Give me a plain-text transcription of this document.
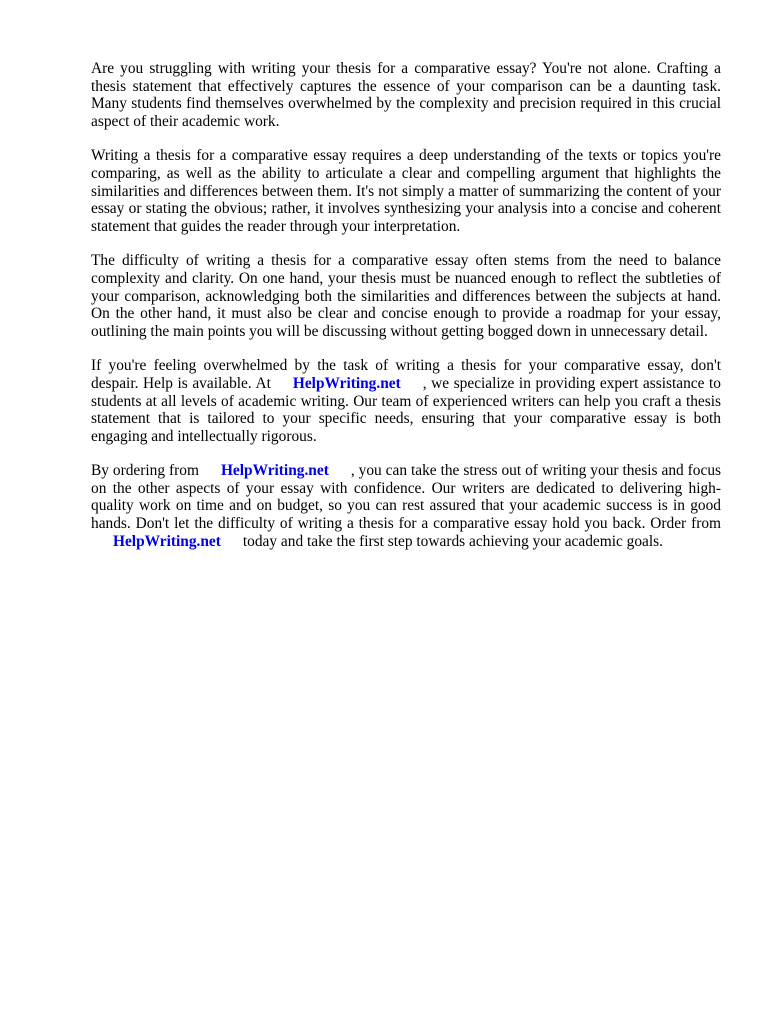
Are you struggling with writing your thesis for a comparative essay? You're not alone. Crafting a thesis statement that effectively captures the essence of your comparison can be a daunting task. Many students find themselves overwhelmed by the complexity and precision required in this crucial aspect of their academic work.

Writing a thesis for a comparative essay requires a deep understanding of the texts or topics you're comparing, as well as the ability to articulate a clear and compelling argument that highlights the similarities and differences between them. It's not simply a matter of summarizing the content of your essay or stating the obvious; rather, it involves synthesizing your analysis into a concise and coherent statement that guides the reader through your interpretation.

The difficulty of writing a thesis for a comparative essay often stems from the need to balance complexity and clarity. On one hand, your thesis must be nuanced enough to reflect the subtleties of your comparison, acknowledging both the similarities and differences between the subjects at hand. On the other hand, it must also be clear and concise enough to provide a roadmap for your essay, outlining the main points you will be discussing without getting bogged down in unnecessary detail.

If you're feeling overwhelmed by the task of writing a thesis for your comparative essay, don't despair. Help is available. At HelpWriting.net , we specialize in providing expert assistance to students at all levels of academic writing. Our team of experienced writers can help you craft a thesis statement that is tailored to your specific needs, ensuring that your comparative essay is both engaging and intellectually rigorous.

By ordering from HelpWriting.net , you can take the stress out of writing your thesis and focus on the other aspects of your essay with confidence. Our writers are dedicated to delivering high-quality work on time and on budget, so you can rest assured that your academic success is in good hands. Don't let the difficulty of writing a thesis for a comparative essay hold you back. Order fromHelpWriting.net today and take the first step towards achieving your academic goals.
